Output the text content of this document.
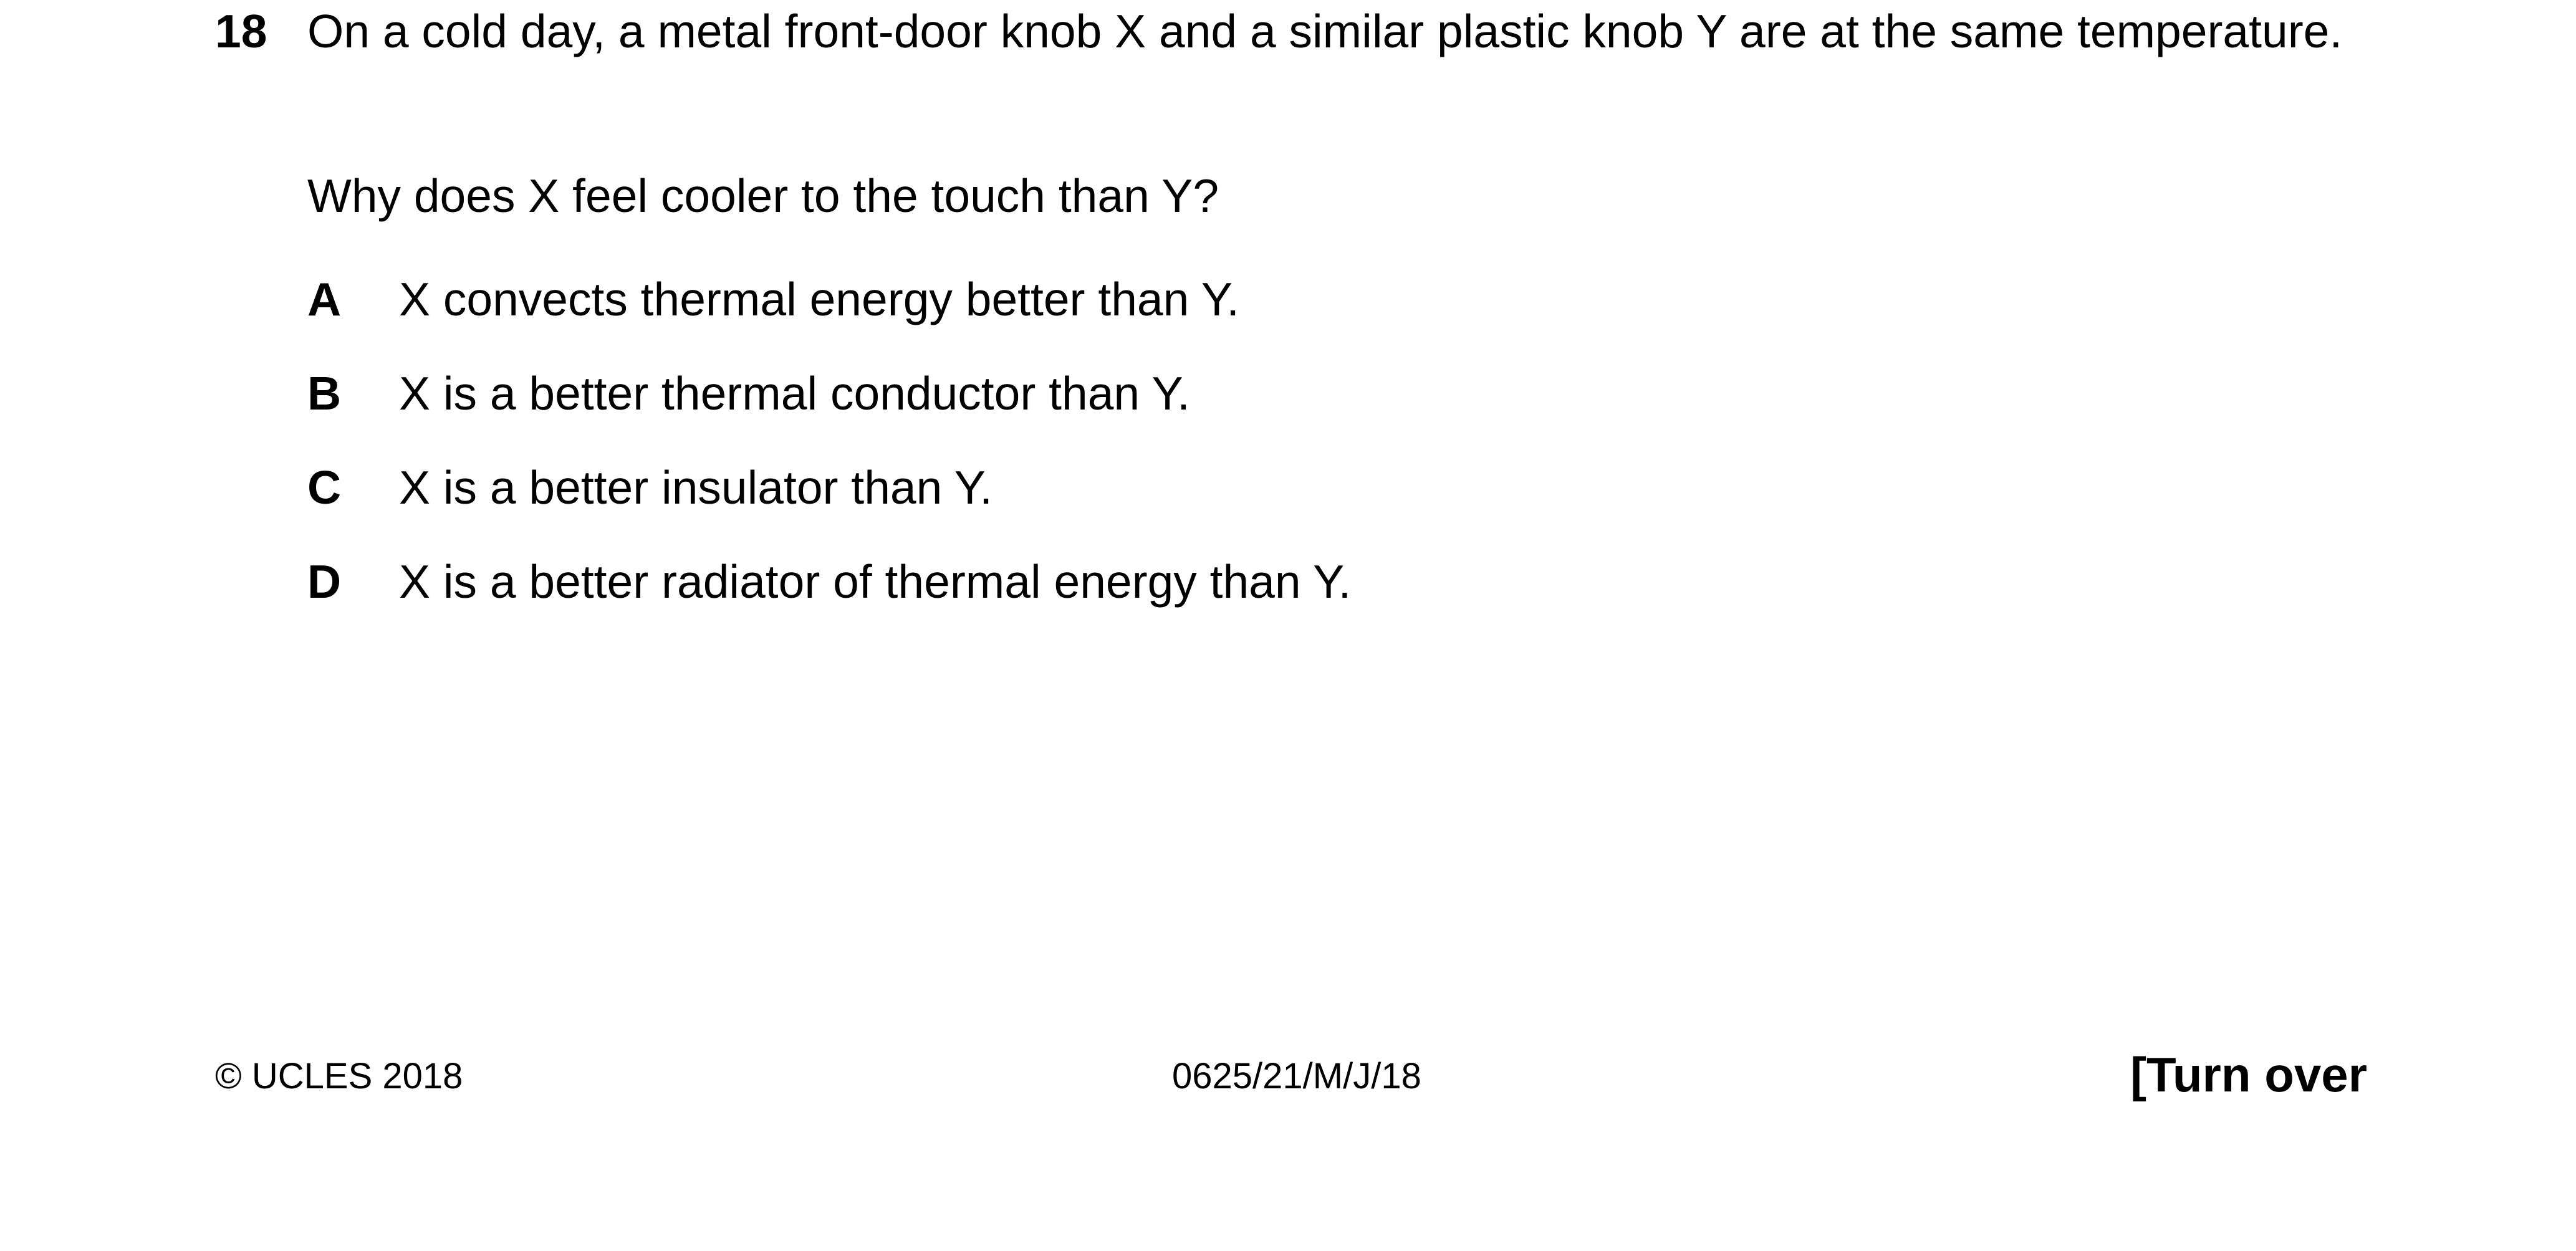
18 On a cold day, a metal front-door knob X and a similar plastic knob Y are at the same temperature.
Why does X feel cooler to the touch than Y?
A X convects thermal energy better than Y.
B X is a better thermal conductor than Y.
C X is a better insulator than Y.
D X is a better radiator of thermal energy than Y.
© UCLES 2018	0625/21/M/J/18	[Turn over
